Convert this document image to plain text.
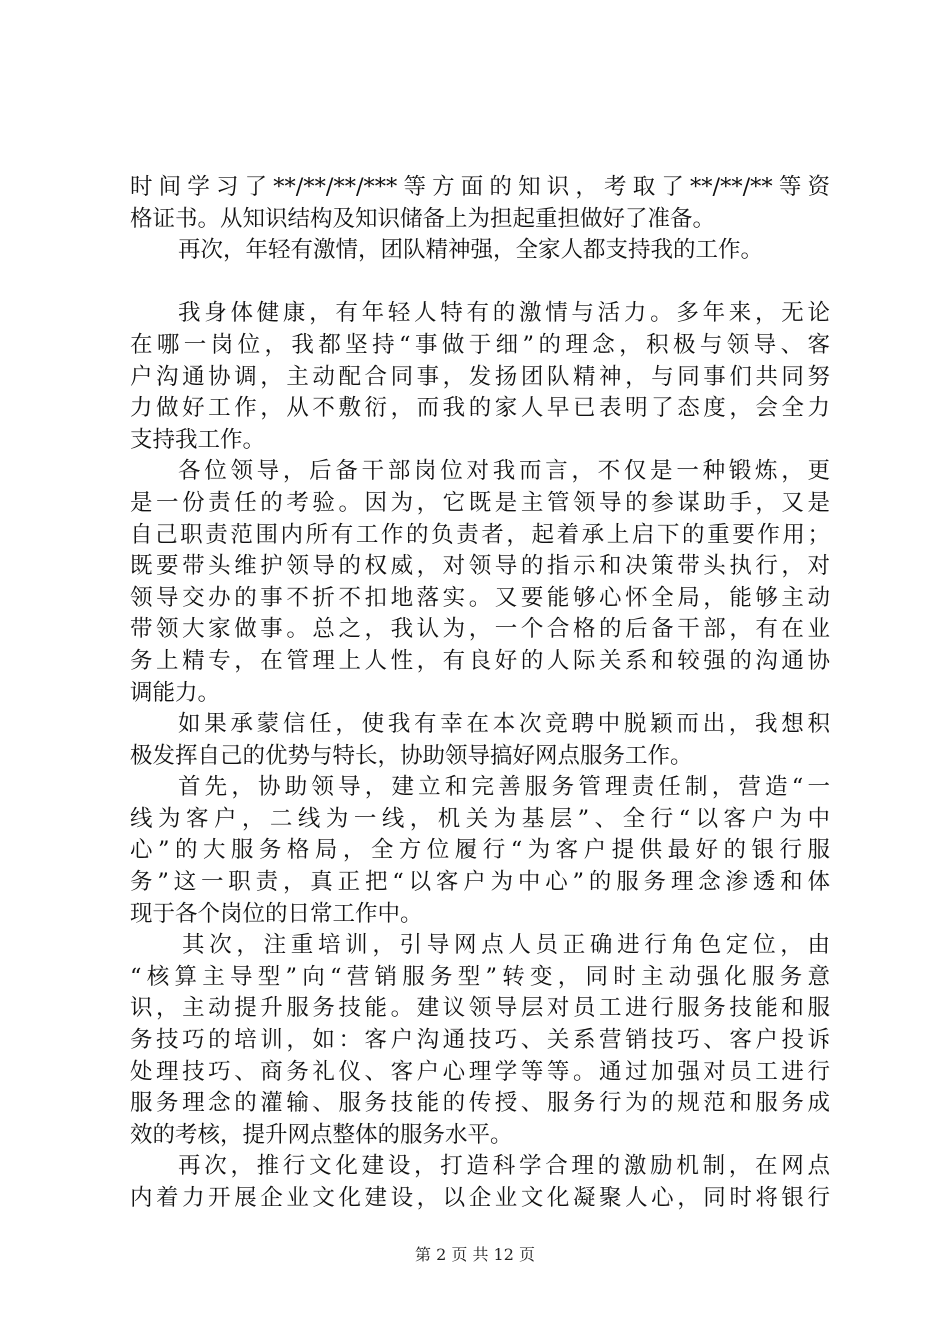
时间学习了**/**/**/***等方面的知识，考取了**/**/**等资
格证书。从知识结构及知识储备上为担起重担做好了准备。
再次，年轻有激情，团队精神强，全家人都支持我的工作。
我身体健康，有年轻人特有的激情与活力。多年来，无论
在哪一岗位，我都坚持“事做于细”的理念，积极与领导、客
户沟通协调，主动配合同事，发扬团队精神，与同事们共同努
力做好工作，从不敷衍，而我的家人早已表明了态度，会全力
支持我工作。
各位领导，后备干部岗位对我而言，不仅是一种锻炼，更
是一份责任的考验。因为，它既是主管领导的参谋助手，又是
自己职责范围内所有工作的负责者，起着承上启下的重要作用；
既要带头维护领导的权威，对领导的指示和决策带头执行，对
领导交办的事不折不扣地落实。又要能够心怀全局，能够主动
带领大家做事。总之，我认为，一个合格的后备干部，有在业
务上精专，在管理上人性，有良好的人际关系和较强的沟通协
调能力。
如果承蒙信任，使我有幸在本次竞聘中脱颖而出，我想积
极发挥自己的优势与特长，协助领导搞好网点服务工作。
首先，协助领导，建立和完善服务管理责任制，营造“一
线为客户，二线为一线，机关为基层”、全行“以客户为中
心”的大服务格局，全方位履行“为客户提供最好的银行服
务”这一职责，真正把“以客户为中心”的服务理念渗透和体
现于各个岗位的日常工作中。
其次，注重培训，引导网点人员正确进行角色定位，由
“核算主导型”向“营销服务型”转变，同时主动强化服务意
识，主动提升服务技能。建议领导层对员工进行服务技能和服
务技巧的培训，如：客户沟通技巧、关系营销技巧、客户投诉
处理技巧、商务礼仪、客户心理学等等。通过加强对员工进行
服务理念的灌输、服务技能的传授、服务行为的规范和服务成
效的考核，提升网点整体的服务水平。
再次，推行文化建设，打造科学合理的激励机制，在网点
内着力开展企业文化建设，以企业文化凝聚人心，同时将银行
第 2 页 共 12 页
